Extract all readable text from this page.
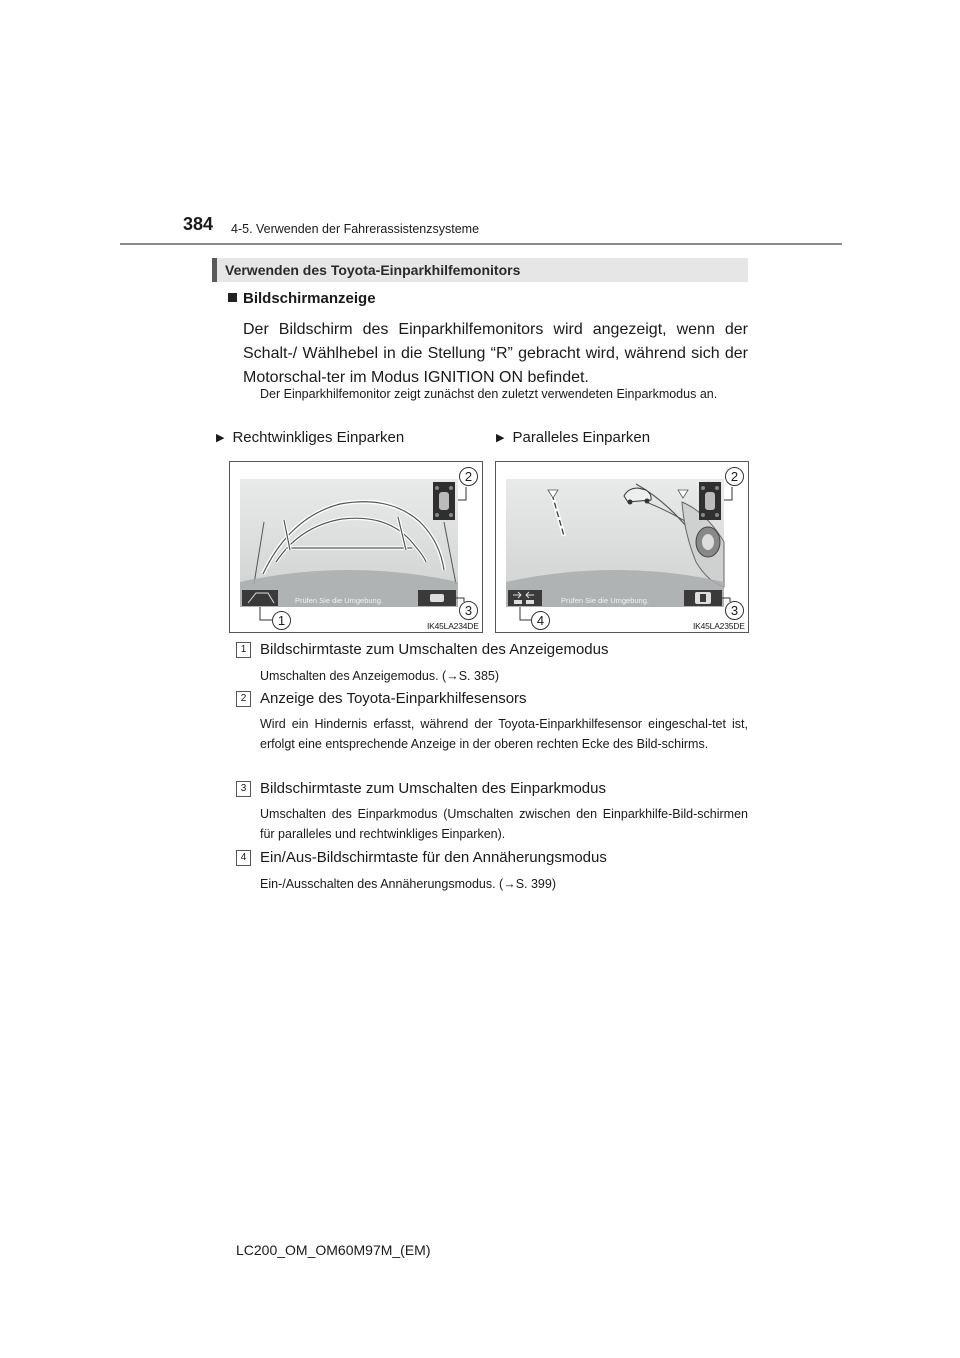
384 4-5. Verwenden der Fahrerassistenzsysteme
Verwenden des Toyota-Einparkhilfemonitors
Bildschirmanzeige
Der Bildschirm des Einparkhilfemonitors wird angezeigt, wenn der Schalt-/ Wählhebel in die Stellung “R” gebracht wird, während sich der Motorschal-ter im Modus IGNITION ON befindet.
Der Einparkhilfemonitor zeigt zunächst den zuletzt verwendeten Einparkmodus an.
▶ Rechtwinkliges Einparken	▶ Paralleles Einparken
Prüfen Sie die Umgebung.
2
3
1	IK45LA234DE
Prüfen Sie die Umgebung.
2
3
4	IK45LA235DE
1 Bildschirmtaste zum Umschalten des Anzeigemodus
Umschalten des Anzeigemodus. (→S. 385)
2 Anzeige des Toyota-Einparkhilfesensors
Wird ein Hindernis erfasst, während der Toyota-Einparkhilfesensor eingeschal-tet ist, erfolgt eine entsprechende Anzeige in der oberen rechten Ecke des Bild-schirms.
3 Bildschirmtaste zum Umschalten des Einparkmodus
Umschalten des Einparkmodus (Umschalten zwischen den Einparkhilfe-Bild-schirmen für paralleles und rechtwinkliges Einparken).
4 Ein/Aus-Bildschirmtaste für den Annäherungsmodus
Ein-/Ausschalten des Annäherungsmodus. (→S. 399)
LC200_OM_OM60M97M_(EM)
